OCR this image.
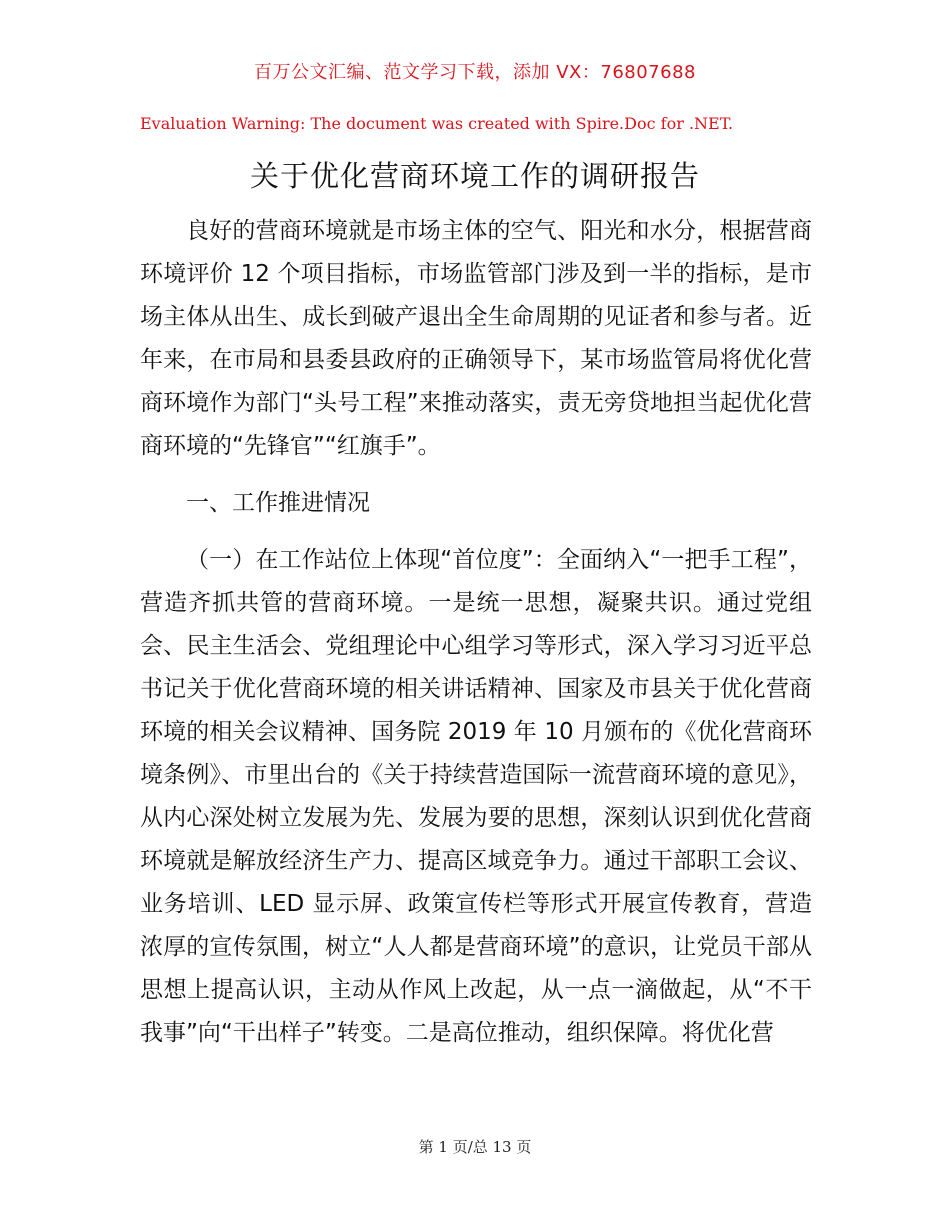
百万公文汇编、范文学习下载，添加 VX：76807688
Evaluation Warning: The document was created with Spire.Doc for .NET.
关于优化营商环境工作的调研报告

良好的营商环境就是市场主体的空气、阳光和水分，根据营商环境评价 12 个项目指标，市场监管部门涉及到一半的指标，是市场主体从出生、成长到破产退出全生命周期的见证者和参与者。近年来，在市局和县委县政府的正确领导下，某市场监管局将优化营商环境作为部门“头号工程”来推动落实，责无旁贷地担当起优化营商环境的“先锋官”“红旗手”。

一、工作推进情况

（一）在工作站位上体现“首位度”：全面纳入“一把手工程”，营造齐抓共管的营商环境。一是统一思想，凝聚共识。通过党组会、民主生活会、党组理论中心组学习等形式，深入学习习近平总书记关于优化营商环境的相关讲话精神、国家及市县关于优化营商环境的相关会议精神、国务院 2019 年 10 月颁布的《优化营商环境条例》、市里出台的《关于持续营造国际一流营商环境的意见》，从内心深处树立发展为先、发展为要的思想，深刻认识到优化营商环境就是解放经济生产力、提高区域竞争力。通过干部职工会议、业务培训、LED 显示屏、政策宣传栏等形式开展宣传教育，营造浓厚的宣传氛围，树立“人人都是营商环境”的意识，让党员干部从思想上提高认识，主动从作风上改起，从一点一滴做起，从“不干我事”向“干出样子”转变。二是高位推动，组织保障。将优化营

第 1 页/总 13 页
